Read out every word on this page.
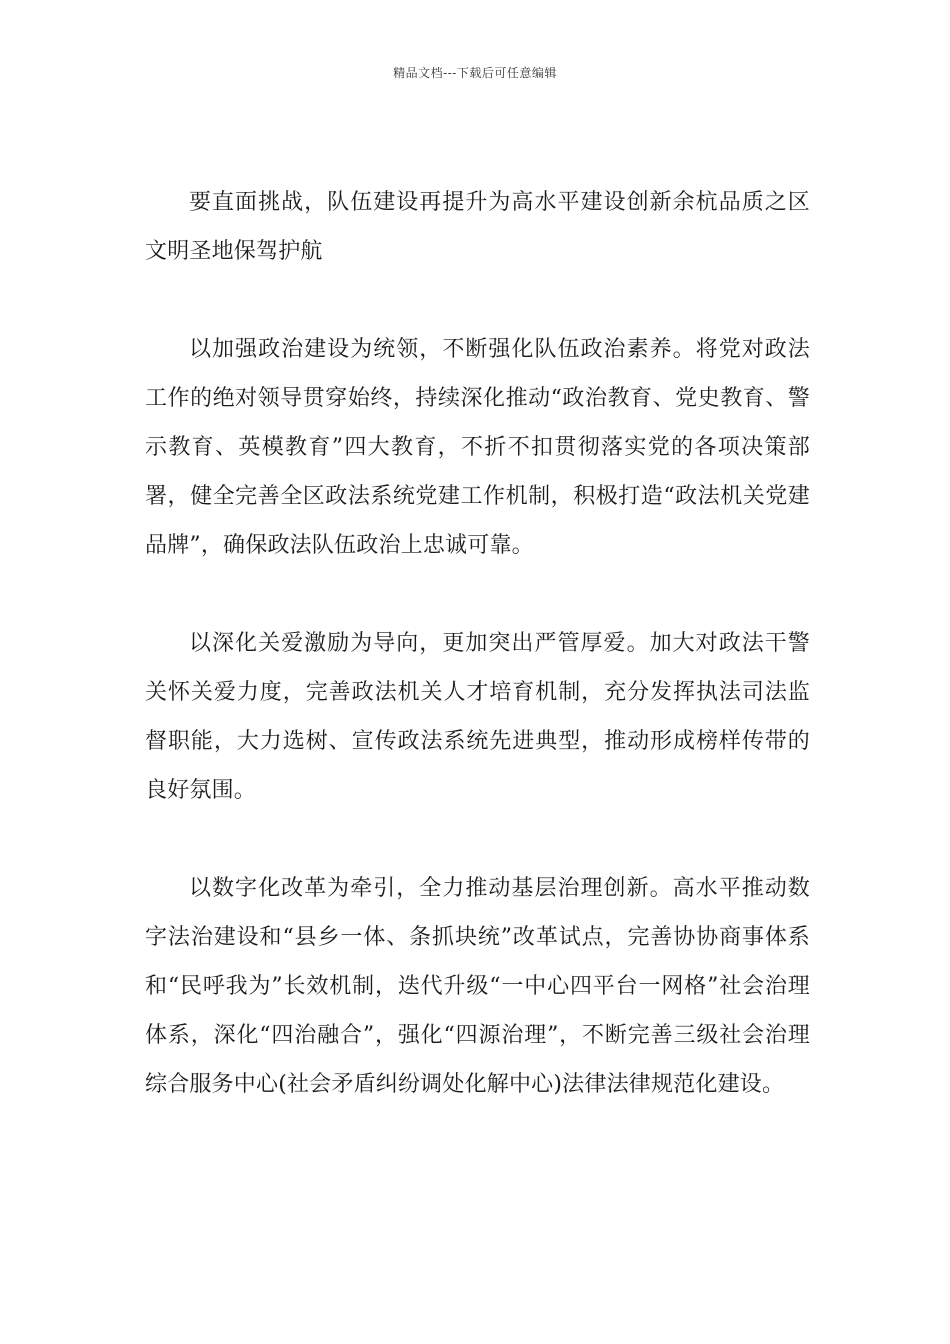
精品文档---下载后可任意编辑

要直面挑战，队伍建设再提升为高水平建设创新余杭品质之区文明圣地保驾护航

以加强政治建设为统领，不断强化队伍政治素养。将党对政法工作的绝对领导贯穿始终，持续深化推动“政治教育、党史教育、警示教育、英模教育”四大教育，不折不扣贯彻落实党的各项决策部署，健全完善全区政法系统党建工作机制，积极打造“政法机关党建品牌”，确保政法队伍政治上忠诚可靠。

以深化关爱激励为导向，更加突出严管厚爱。加大对政法干警关怀关爱力度，完善政法机关人才培育机制，充分发挥执法司法监督职能，大力选树、宣传政法系统先进典型，推动形成榜样传带的良好氛围。

以数字化改革为牵引，全力推动基层治理创新。高水平推动数字法治建设和“县乡一体、条抓块统”改革试点，完善协协商事体系和“民呼我为”长效机制，迭代升级“一中心四平台一网格”社会治理体系，深化“四治融合”，强化“四源治理”，不断完善三级社会治理综合服务中心(社会矛盾纠纷调处化解中心)法律法律规范化建设。
